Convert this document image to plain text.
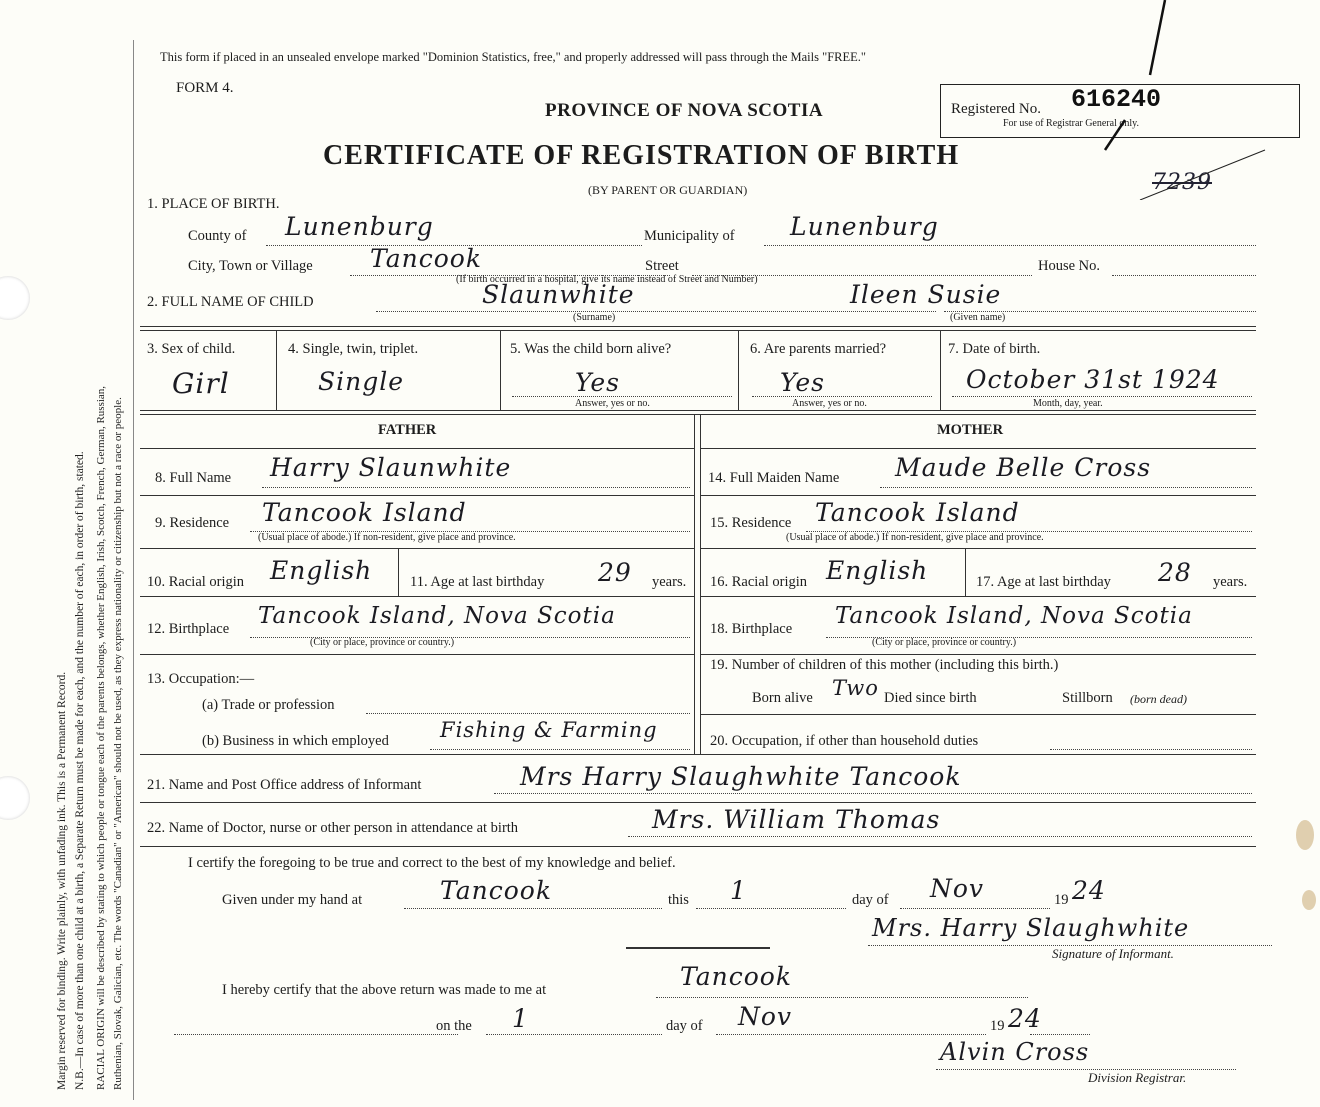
Margin reserved for binding. Write plainly, with unfading ink. This is a Permanent Record. N.B.—In case of more than one child at a birth, a Separate Return must be made for each, and the number of each, in order of birth, stated. RACIAL ORIGIN will be described by stating to which people or tongue each of the parents belongs, whether English, Irish, Scotch, French, German, Russian, Ruthenian, Slovak, Galician, etc. The words "Canadian" or "American" should not be used, as they express nationality or citizenship but not a race or people.
This form if placed in an unsealed envelope marked "Dominion Statistics, free," and properly addressed will pass through the Mails "FREE."
FORM 4.
PROVINCE OF NOVA SCOTIA
CERTIFICATE OF REGISTRATION OF BIRTH
(BY PARENT OR GUARDIAN)
Registered No. 616240
For use of Registrar General only.
7239
1. PLACE OF BIRTH.
County of Lunenburg	Municipality of Lunenburg
City, Town or Village Tancook	Street	House No.
(If birth occurred in a hospital, give its name instead of Street and Number)
2. FULL NAME OF CHILD	Slaunwhite	Ileen Susie
(Surname)	(Given name)
3. Sex of child.
Girl
4. Single, twin, triplet.
Single
5. Was the child born alive?
Yes
Answer, yes or no.
6. Are parents married?
Yes
Answer, yes or no.
7. Date of birth.
October 31st 1924
Month, day, year.
FATHER	MOTHER
8. Full Name Harry Slaunwhite
9. Residence Tancook Island
(Usual place of abode.) If non-resident, give place and province.
10. Racial origin English	11. Age at last birthday 29 years.
12. Birthplace Tancook Island, Nova Scotia
(City or place, province or country.)
13. Occupation:—
(a) Trade or profession
(b) Business in which employed Fishing & Farming
14. Full Maiden Name Maude Belle Cross
15. Residence Tancook Island
(Usual place of abode.) If non-resident, give place and province.
16. Racial origin English	17. Age at last birthday 28 years.
18. Birthplace Tancook Island, Nova Scotia
(City or place, province or country.)
19. Number of children of this mother (including this birth.)
Born alive Two Died since birth	Stillborn (born dead)
20. Occupation, if other than household duties
21. Name and Post Office address of Informant	Mrs Harry Slaughwhite Tancook
22. Name of Doctor, nurse or other person in attendance at birth	Mrs. William Thomas
I certify the foregoing to be true and correct to the best of my knowledge and belief.
Given under my hand at	Tancook	this 1	day of Nov	19 24
Mrs. Harry Slaughwhite
Signature of Informant.
I hereby certify that the above return was made to me at	Tancook
on the 1	day of Nov	19 24
Alvin Cross
Division Registrar.
